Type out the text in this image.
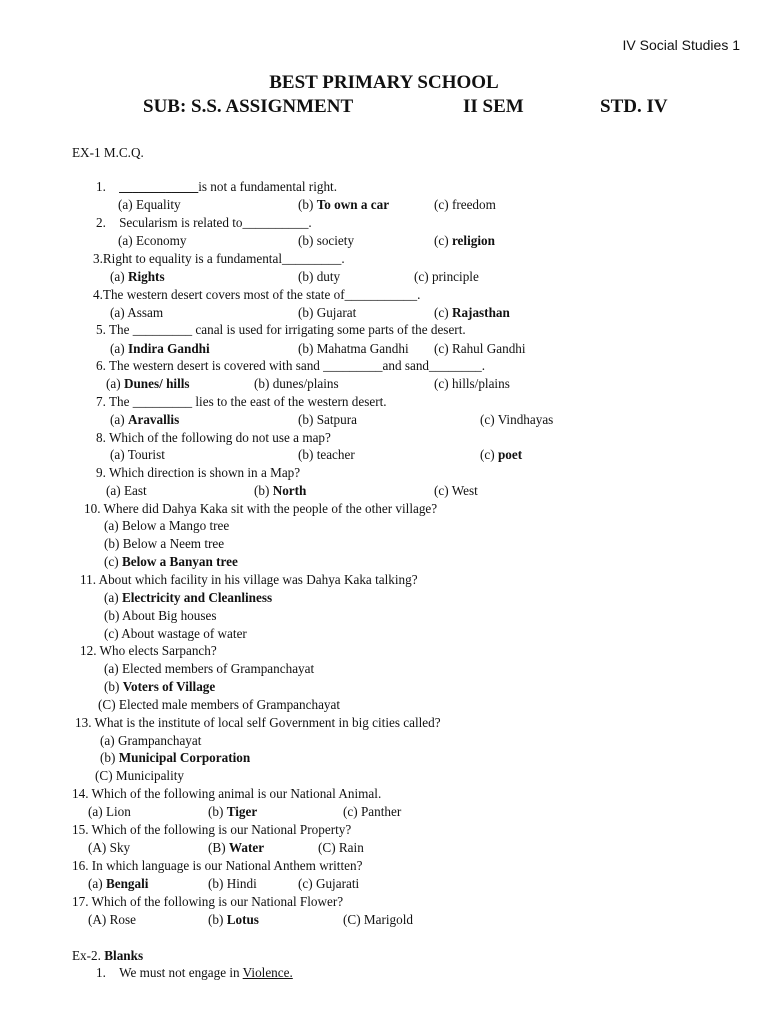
IV Social Studies 1
BEST PRIMARY SCHOOL
SUB: S.S. ASSIGNMENT	II SEM	STD. IV
EX-1 M.C.Q.
1. ____________is not a fundamental right.
(a) Equality	(b) To own a car	(c) freedom
2. Secularism is related to__________.
(a) Economy	(b) society	(c) religion
3.Right to equality is a fundamental_________.
(a) Rights	(b) duty	(c) principle
4.The western desert covers most of the state of___________.
(a) Assam	(b) Gujarat	(c) Rajasthan
5. The _________ canal is used for irrigating some parts of the desert.
(a) Indira Gandhi	(b) Mahatma Gandhi (c) Rahul Gandhi
6. The western desert is covered with sand _________and sand________.
(a) Dunes/ hills	(b) dunes/plains	(c) hills/plains
7. The _________ lies to the east of the western desert.
(a) Aravallis	(b) Satpura	(c) Vindhayas
8. Which of the following do not use a map?
(a) Tourist	(b) teacher	(c) poet
9. Which direction is shown in a Map?
(a) East	(b) North	(c) West
10. Where did Dahya Kaka sit with the people of the other village?
(a) Below a Mango tree
(b) Below a Neem tree
(c) Below a Banyan tree
11. About which facility in his village was Dahya Kaka talking?
(a) Electricity and Cleanliness
(b) About Big houses
(c) About wastage of water
12. Who elects Sarpanch?
(a) Elected members of Grampanchayat
(b) Voters of Village
(C) Elected male members of Grampanchayat
13. What is the institute of local self Government in big cities called?
(a) Grampanchayat
(b) Municipal Corporation
(C) Municipality
14. Which of the following animal is our National Animal.
(a) Lion	(b) Tiger	(c) Panther
15. Which of the following is our National Property?
(A) Sky	(B) Water	(C) Rain
16. In which language is our National Anthem written?
(a) Bengali	(b) Hindi	(c) Gujarati
17. Which of the following is our National Flower?
(A) Rose	(b) Lotus	(C) Marigold
Ex-2. Blanks
1. We must not engage in Violence.
